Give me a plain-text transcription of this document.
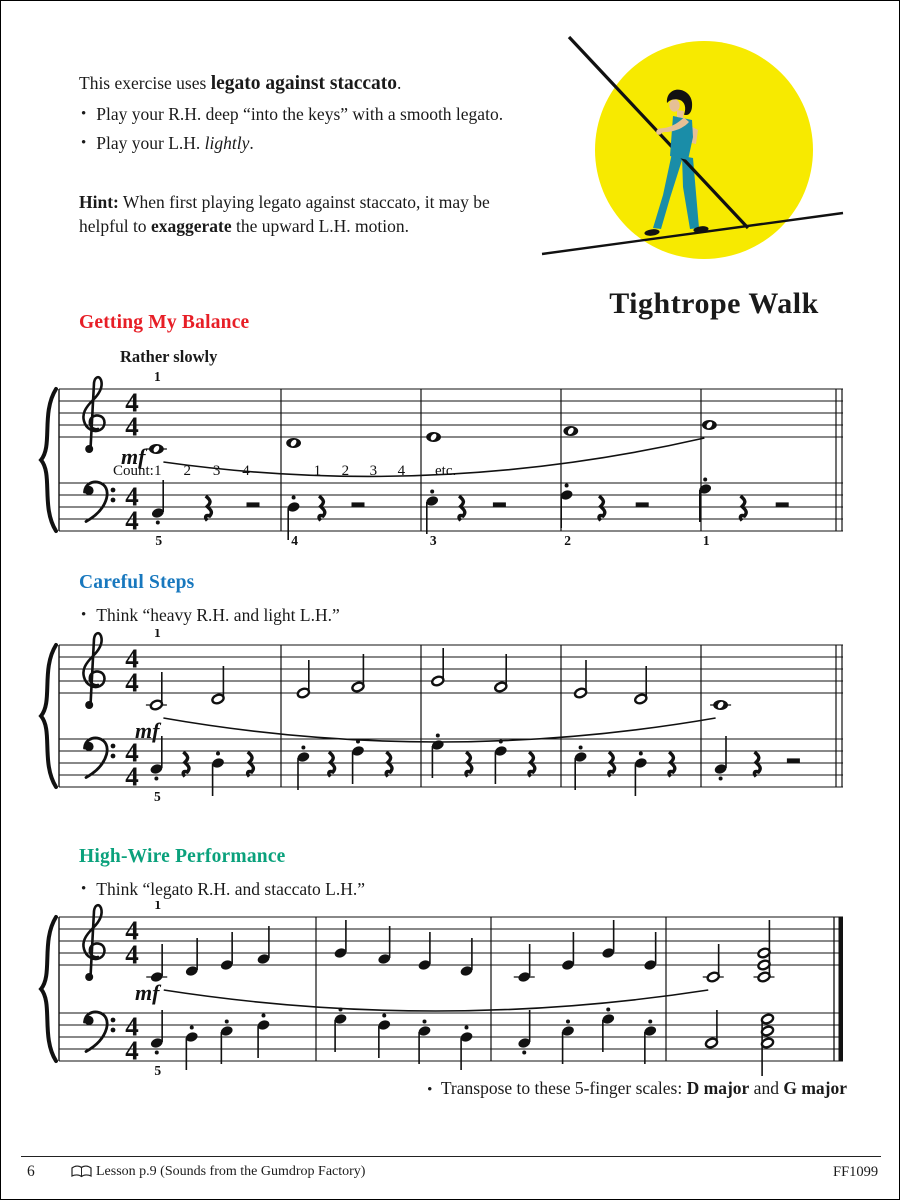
This exercise uses legato against staccato.
• Play your R.H. deep “into the keys” with a smooth legato.
• Play your L.H. lightly.
Hint: When first playing legato against staccato, it may be helpful to exaggerate the upward L.H. motion.
Tightrope Walk
Getting My Balance
Rather slowly
Careful Steps
• Think “heavy R.H. and light L.H.”
High-Wire Performance
• Think “legato R.H. and staccato L.H.”
4
4
4
4
1
5	4	3	2	1
mf
Count: 1 2 3 4	1 2 3 4 etc.
4
4
4
4
1
5
mf
4
4
4
4
1
5
mf
• Transpose to these 5-finger scales: D major and G major
6	Lesson p.9 (Sounds from the Gumdrop Factory)	FF1099
